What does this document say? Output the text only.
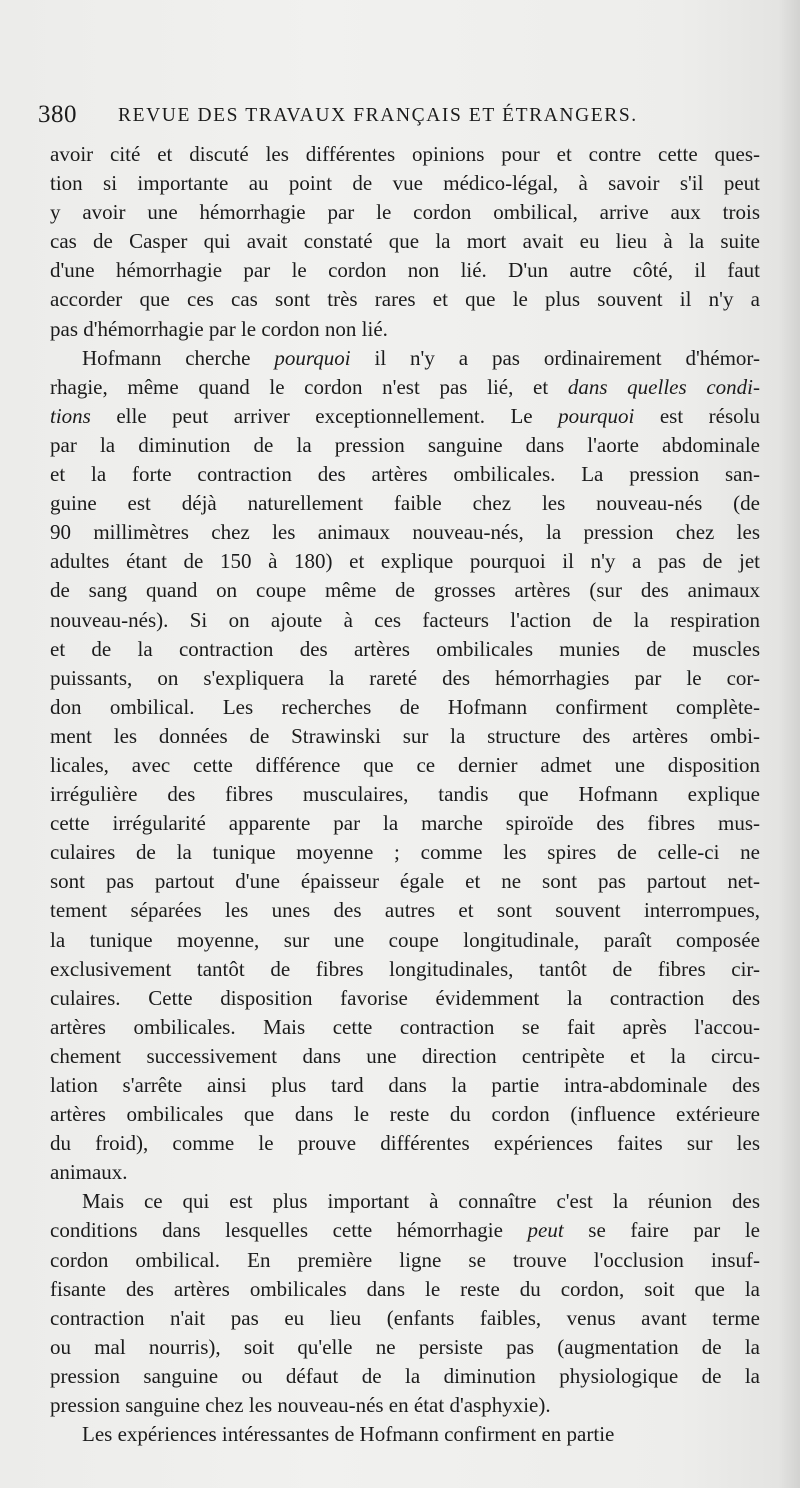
380 REVUE DES TRAVAUX FRANÇAIS ET ÉTRANGERS.
avoir cité et discuté les différentes opinions pour et contre cette ques-
tion si importante au point de vue médico-légal, à savoir s'il peut
y avoir une hémorrhagie par le cordon ombilical, arrive aux trois
cas de Casper qui avait constaté que la mort avait eu lieu à la suite
d'une hémorrhagie par le cordon non lié. D'un autre côté, il faut
accorder que ces cas sont très rares et que le plus souvent il n'y a
pas d'hémorrhagie par le cordon non lié.
Hofmann cherche pourquoi il n'y a pas ordinairement d'hémor-
rhagie, même quand le cordon n'est pas lié, et dans quelles condi-
tions elle peut arriver exceptionnellement. Le pourquoi est résolu
par la diminution de la pression sanguine dans l'aorte abdominale
et la forte contraction des artères ombilicales. La pression san-
guine est déjà naturellement faible chez les nouveau-nés (de
90 millimètres chez les animaux nouveau-nés, la pression chez les
adultes étant de 150 à 180) et explique pourquoi il n'y a pas de jet
de sang quand on coupe même de grosses artères (sur des animaux
nouveau-nés). Si on ajoute à ces facteurs l'action de la respiration
et de la contraction des artères ombilicales munies de muscles
puissants, on s'expliquera la rareté des hémorrhagies par le cor-
don ombilical. Les recherches de Hofmann confirment complète-
ment les données de Strawinski sur la structure des artères ombi-
licales, avec cette différence que ce dernier admet une disposition
irrégulière des fibres musculaires, tandis que Hofmann explique
cette irrégularité apparente par la marche spiroïde des fibres mus-
culaires de la tunique moyenne ; comme les spires de celle-ci ne
sont pas partout d'une épaisseur égale et ne sont pas partout net-
tement séparées les unes des autres et sont souvent interrompues,
la tunique moyenne, sur une coupe longitudinale, paraît composée
exclusivement tantôt de fibres longitudinales, tantôt de fibres cir-
culaires. Cette disposition favorise évidemment la contraction des
artères ombilicales. Mais cette contraction se fait après l'accou-
chement successivement dans une direction centripète et la circu-
lation s'arrête ainsi plus tard dans la partie intra-abdominale des
artères ombilicales que dans le reste du cordon (influence extérieure
du froid), comme le prouve différentes expériences faites sur les
animaux.
Mais ce qui est plus important à connaître c'est la réunion des
conditions dans lesquelles cette hémorrhagie peut se faire par le
cordon ombilical. En première ligne se trouve l'occlusion insuf-
fisante des artères ombilicales dans le reste du cordon, soit que la
contraction n'ait pas eu lieu (enfants faibles, venus avant terme
ou mal nourris), soit qu'elle ne persiste pas (augmentation de la
pression sanguine ou défaut de la diminution physiologique de la
pression sanguine chez les nouveau-nés en état d'asphyxie).
Les expériences intéressantes de Hofmann confirment en partie
